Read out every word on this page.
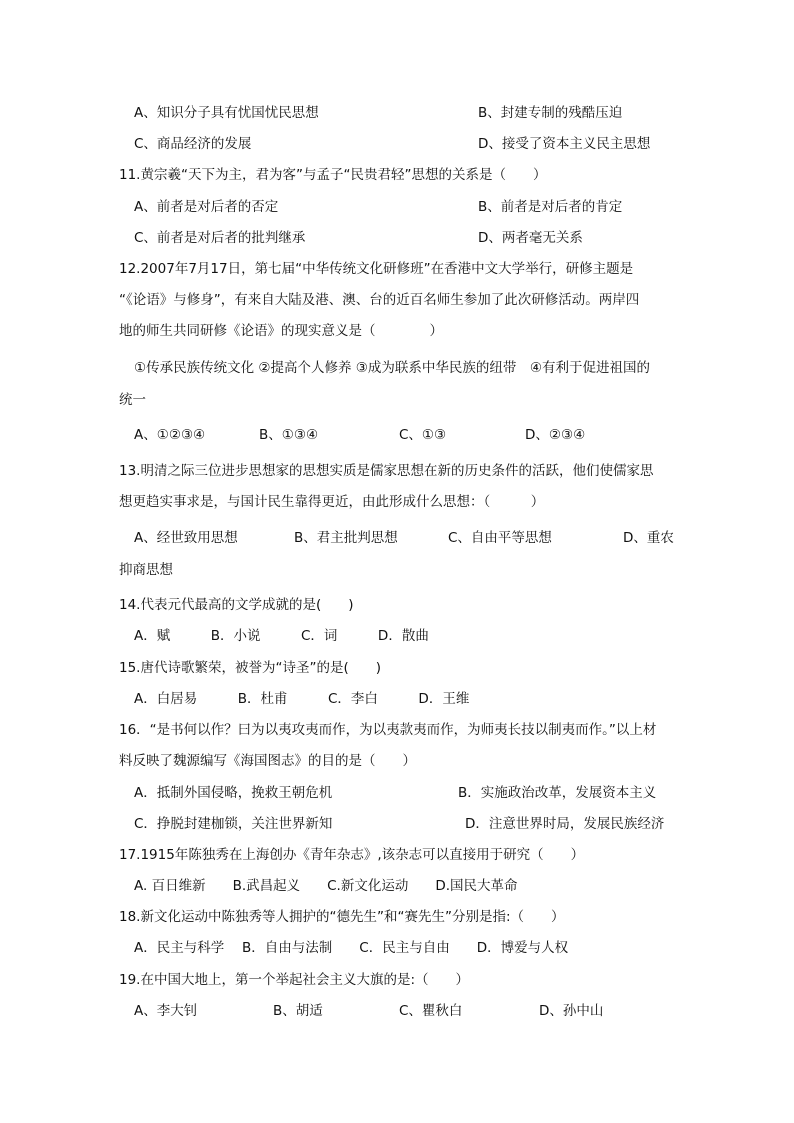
A、知识分子具有忧国忧民思想	B、封建专制的残酷压迫
C、商品经济的发展	D、接受了资本主义民主思想
11.黄宗羲“天下为主，君为客”与孟子“民贵君轻”思想的关系是（　　）
A、前者是对后者的否定	B、前者是对后者的肯定
C、前者是对后者的批判继承	D、两者毫无关系
12.2007年7月17日，第七届“中华传统文化研修班”在香港中文大学举行，研修主题是
“《论语》与修身”，有来自大陆及港、澳、台的近百名师生参加了此次研修活动。两岸四
地的师生共同研修《论语》的现实意义是（　　　　）
①传承民族传统文化 ②提高个人修养 ③成为联系中华民族的纽带　④有利于促进祖国的
统一
A、①②③④	B、①③④	C、①③	D、②③④
13.明清之际三位进步思想家的思想实质是儒家思想在新的历史条件的活跃，他们使儒家思
想更趋实事求是，与国计民生靠得更近，由此形成什么思想：（　　　）
A、经世致用思想	B、君主批判思想	C、自由平等思想	D、重农
抑商思想
14.代表元代最高的文学成就的是(　　)
A．赋　　　B．小说　　　C．词　　　D．散曲
15.唐代诗歌繁荣，被誉为“诗圣”的是(　　)
A．白居易　　　B．杜甫　　　C．李白　　　D．王维
16．“是书何以作？曰为以夷攻夷而作，为以夷款夷而作，为师夷长技以制夷而作。”以上材
料反映了魏源编写《海国图志》的目的是（　　）
A．抵制外国侵略，挽救王朝危机	B．实施政治改革，发展资本主义
C．挣脱封建枷锁，关注世界新知	D．注意世界时局，发展民族经济
17.1915年陈独秀在上海创办《青年杂志》,该杂志可以直接用于研究（　　）
A. 百日维新　　B.武昌起义　　C.新文化运动　　D.国民大革命
18.新文化运动中陈独秀等人拥护的“德先生”和“赛先生”分别是指:（　　）
A．民主与科学　 B．自由与法制　　C．民主与自由　　D．博爱与人权
19.在中国大地上，第一个举起社会主义大旗的是:（　　）
A、李大钊	B、胡适	C、瞿秋白	D、孙中山
